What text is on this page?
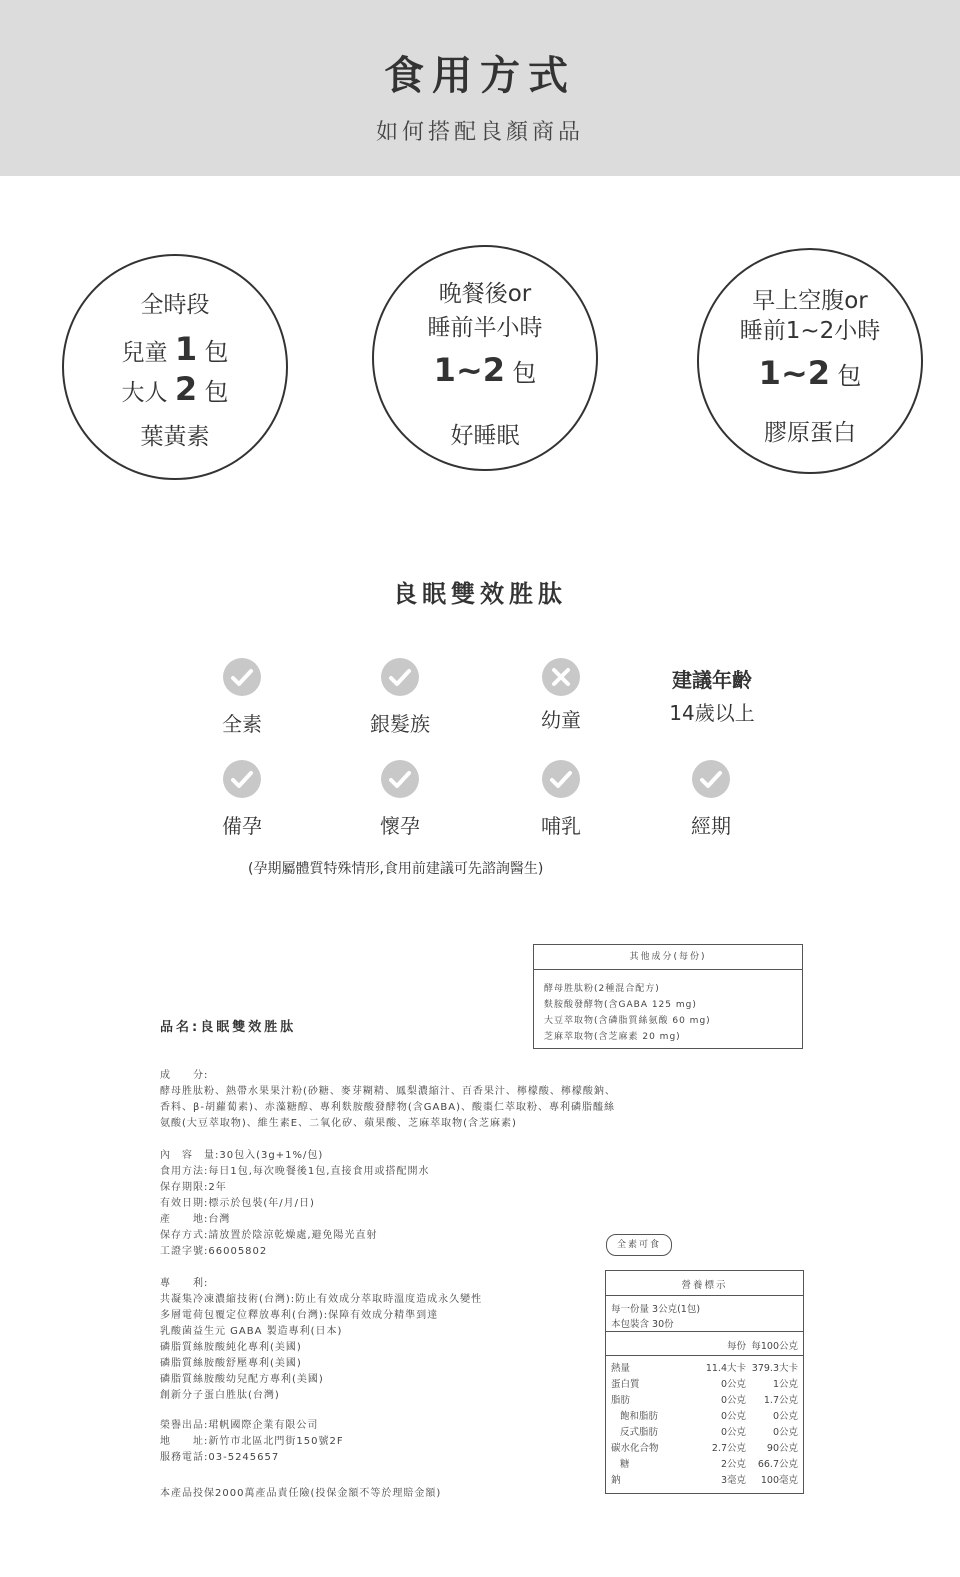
食用方式
如何搭配良顏商品
全時段
兒童 1 包
大人 2 包
葉黃素
晚餐後or
睡前半小時
1~2 包
好睡眠
早上空腹or
睡前1~2小時
1~2 包
膠原蛋白
良眠雙效胜肽
全素	銀髮族	幼童
建議年齡
14歲以上
備孕	懷孕	哺乳	經期
(孕期屬體質特殊情形,食用前建議可先諮詢醫生)
其他成分(每份)
酵母胜肽粉(2種混合配方)
麩胺酸發酵物(含GABA 125 mg)
大豆萃取物(含磷脂質絲氨酸 60 mg)
芝麻萃取物(含芝麻素 20 mg)
品名:良眠雙效胜肽
成　　分:
酵母胜肽粉、熱帶水果果汁粉(砂糖、麥芽糊精、鳳梨濃縮汁、百香果汁、檸檬酸、檸檬酸鈉、
香料、β-胡蘿蔔素)、赤藻糖醇、專利麩胺酸發酵物(含GABA)、酸棗仁萃取粉、專利磷脂醯絲
氨酸(大豆萃取物)、維生素E、二氧化矽、蘋果酸、芝麻萃取物(含芝麻素)
內　容　量:30包入(3g+1%/包)
食用方法:每日1包,每次晚餐後1包,直接食用或搭配開水
保存期限:2年
有效日期:標示於包裝(年/月/日)
產　　地:台灣
保存方式:請放置於陰涼乾燥處,避免陽光直射
工證字號:66005802
專　　利:
共凝集冷凍濃縮技術(台灣):防止有效成分萃取時溫度造成永久變性
多層電荷包覆定位釋放專利(台灣):保障有效成分精準到達
乳酸菌益生元 GABA 製造專利(日本)
磷脂質絲胺酸純化專利(美國)
磷脂質絲胺酸舒壓專利(美國)
磷脂質絲胺酸幼兒配方專利(美國)
創新分子蛋白胜肽(台灣)
榮譽出品:珺帆國際企業有限公司
地　　址:新竹市北區北門街150號2F
服務電話:03-5245657
本產品投保2000萬產品責任險(投保金額不等於理賠金額)
全素可食
營養標示
每一份量 3公克(1包)
本包裝含 30份
每份 每100公克
熱量	11.4大卡 379.3大卡
蛋白質	0公克	1公克
脂肪	0公克	1.7公克
飽和脂肪	0公克	0公克
反式脂肪	0公克	0公克
碳水化合物	2.7公克	90公克
糖	2公克	66.7公克
鈉	3毫克	100毫克
